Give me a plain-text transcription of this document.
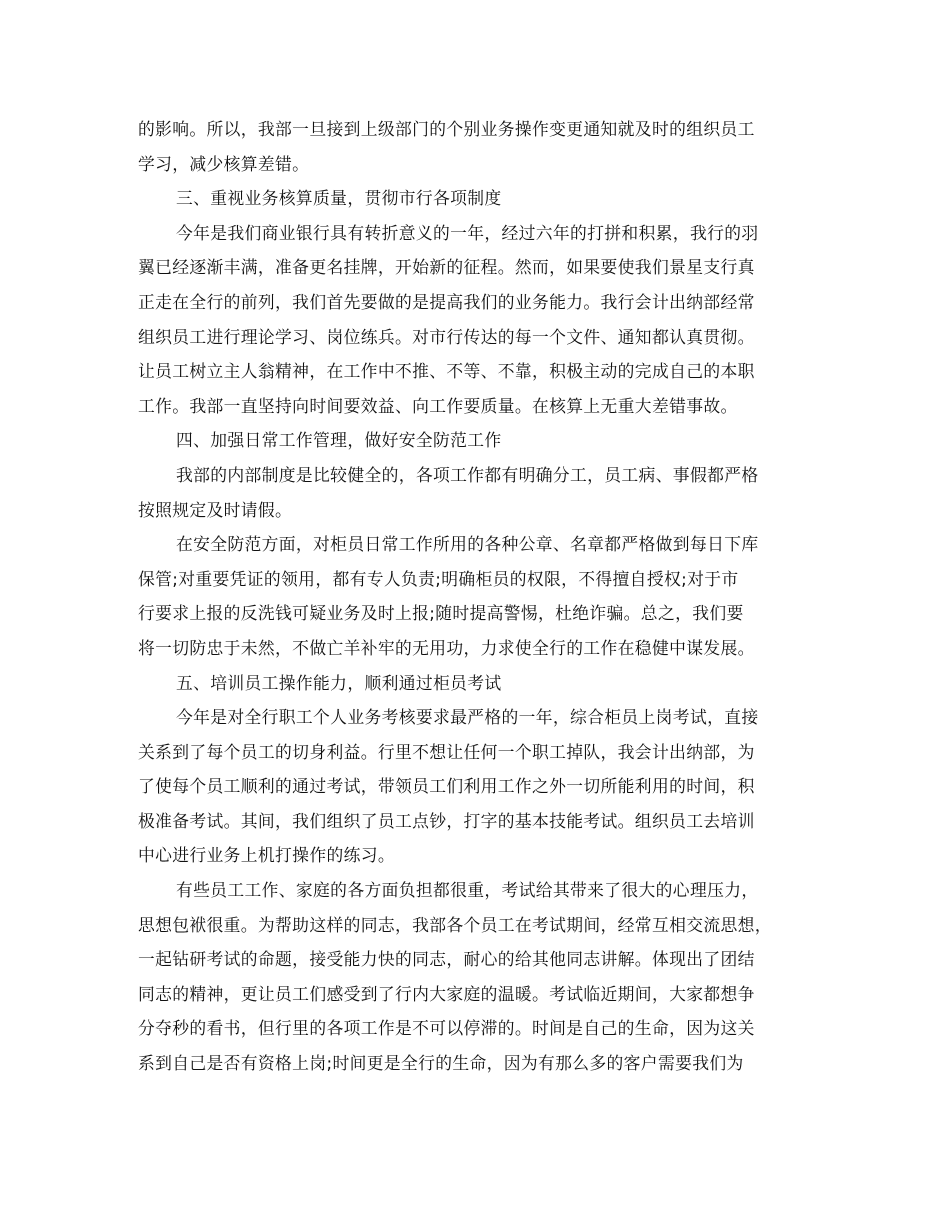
的影响。所以，我部一旦接到上级部门的个别业务操作变更通知就及时的组织员工
学习，减少核算差错。
三、重视业务核算质量，贯彻市行各项制度
今年是我们商业银行具有转折意义的一年，经过六年的打拼和积累，我行的羽
翼已经逐渐丰满，准备更名挂牌，开始新的征程。然而，如果要使我们景星支行真
正走在全行的前列，我们首先要做的是提高我们的业务能力。我行会计出纳部经常
组织员工进行理论学习、岗位练兵。对市行传达的每一个文件、通知都认真贯彻。
让员工树立主人翁精神，在工作中不推、不等、不靠，积极主动的完成自己的本职
工作。我部一直坚持向时间要效益、向工作要质量。在核算上无重大差错事故。
四、加强日常工作管理，做好安全防范工作
我部的内部制度是比较健全的，各项工作都有明确分工，员工病、事假都严格
按照规定及时请假。
在安全防范方面，对柜员日常工作所用的各种公章、名章都严格做到每日下库
保管;对重要凭证的领用，都有专人负责;明确柜员的权限，不得擅自授权;对于市
行要求上报的反洗钱可疑业务及时上报;随时提高警惕，杜绝诈骗。总之，我们要
将一切防忠于未然，不做亡羊补牢的无用功，力求使全行的工作在稳健中谋发展。
五、培训员工操作能力，顺利通过柜员考试
今年是对全行职工个人业务考核要求最严格的一年，综合柜员上岗考试，直接
关系到了每个员工的切身利益。行里不想让任何一个职工掉队，我会计出纳部，为
了使每个员工顺利的通过考试，带领员工们利用工作之外一切所能利用的时间，积
极准备考试。其间，我们组织了员工点钞，打字的基本技能考试。组织员工去培训
中心进行业务上机打操作的练习。
有些员工工作、家庭的各方面负担都很重，考试给其带来了很大的心理压力，
思想包袱很重。为帮助这样的同志，我部各个员工在考试期间，经常互相交流思想，
一起钻研考试的命题，接受能力快的同志，耐心的给其他同志讲解。体现出了团结
同志的精神，更让员工们感受到了行内大家庭的温暖。考试临近期间，大家都想争
分夺秒的看书，但行里的各项工作是不可以停滞的。时间是自己的生命，因为这关
系到自己是否有资格上岗;时间更是全行的生命，因为有那么多的客户需要我们为
